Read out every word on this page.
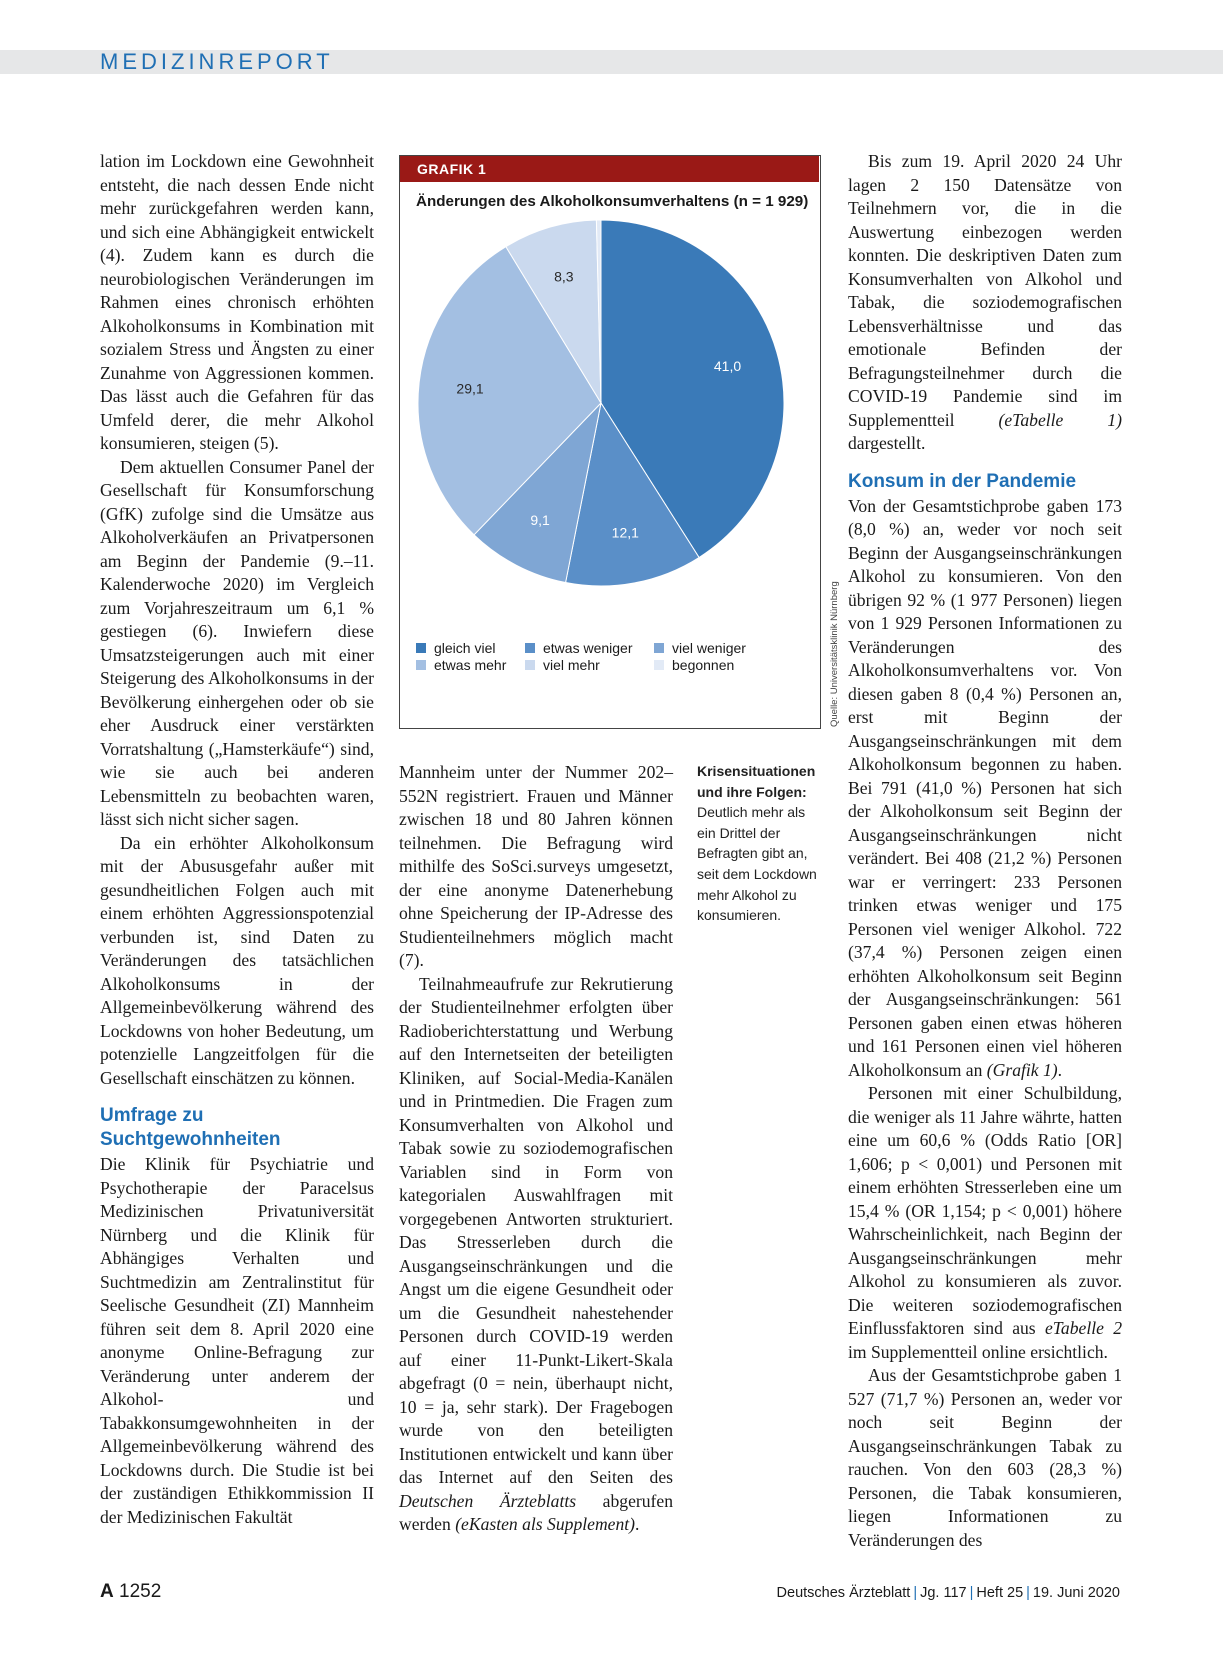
MEDIZINREPORT

lation im Lockdown eine Gewohnheit entsteht, die nach dessen Ende nicht mehr zurückgefahren werden kann, und sich eine Abhängigkeit entwickelt (4). Zudem kann es durch die neurobiologischen Veränderungen im Rahmen eines chronisch erhöhten Alkoholkonsums in Kombination mit sozialem Stress und Ängsten zu einer Zunahme von Aggressionen kommen. Das lässt auch die Gefahren für das Umfeld derer, die mehr Alkohol konsumieren, steigen (5).

Dem aktuellen Consumer Panel der Gesellschaft für Konsumforschung (GfK) zufolge sind die Umsätze aus Alkoholverkäufen an Privatpersonen am Beginn der Pandemie (9.–11. Kalenderwoche 2020) im Vergleich zum Vorjahreszeitraum um 6,1 % gestiegen (6). Inwiefern diese Umsatzsteigerungen auch mit einer Steigerung des Alkoholkonsums in der Bevölkerung einhergehen oder ob sie eher Ausdruck einer verstärkten Vorratshaltung („Hamsterkäufe“) sind, wie sie auch bei anderen Lebensmitteln zu beobachten waren, lässt sich nicht sicher sagen.

Da ein erhöhter Alkoholkonsum mit der Abususgefahr außer mit gesundheitlichen Folgen auch mit einem erhöhten Aggressionspotenzial verbunden ist, sind Daten zu Veränderungen des tatsächlichen Alkoholkonsums in der Allgemeinbevölkerung während des Lockdowns von hoher Bedeutung, um potenzielle Langzeitfolgen für die Gesellschaft einschätzen zu können.

Umfrage zu Suchtgewohnheiten

Die Klinik für Psychiatrie und Psychotherapie der Paracelsus Medizinischen Privatuniversität Nürnberg und die Klinik für Abhängiges Verhalten und Suchtmedizin am Zentralinstitut für Seelische Gesundheit (ZI) Mannheim führen seit dem 8. April 2020 eine anonyme Online-Befragung zur Veränderung unter anderem der Alkohol- und Tabakkonsumgewohnheiten in der Allgemeinbevölkerung während des Lockdowns durch. Die Studie ist bei der zuständigen Ethikkommission II der Medizinischen Fakultät

GRAFIK 1
Änderungen des Alkoholkonsumverhaltens (n = 1 929)
41,0
12,1
9,1
29,1
8,3
gleich viel	etwas weniger	viel weniger
etwas mehr	viel mehr	begonnen	Quelle: Universitätsklinik Nürnberg

Mannheim unter der Nummer 202–552N registriert. Frauen und Männer zwischen 18 und 80 Jahren können teilnehmen. Die Befragung wird mithilfe des SoSci.surveys umgesetzt, der eine anonyme Datenerhebung ohne Speicherung der IP-Adresse des Studienteilnehmers möglich macht (7).

Teilnahmeaufrufe zur Rekrutierung der Studienteilnehmer erfolgten über Radioberichterstattung und Werbung auf den Internetseiten der beteiligten Kliniken, auf Social-Media-Kanälen und in Printmedien. Die Fragen zum Konsumverhalten von Alkohol und Tabak sowie zu soziodemografischen Variablen sind in Form von kategorialen Auswahlfragen mit vorgegebenen Antworten strukturiert. Das Stresserleben durch die Ausgangseinschränkungen und die Angst um die eigene Gesundheit oder um die Gesundheit nahestehender Personen durch COVID-19 werden auf einer 11-Punkt-Likert-Skala abgefragt (0 = nein, überhaupt nicht, 10 = ja, sehr stark). Der Fragebogen wurde von den beteiligten Institutionen entwickelt und kann über das Internet auf den Seiten des Deutschen Ärzteblatts abgerufen werden (eKasten als Supplement).

Krisensituationen und ihre Folgen:
Deutlich mehr als ein Drittel der Befragten gibt an, seit dem Lockdown mehr Alkohol zu konsumieren.

Bis zum 19. April 2020 24 Uhr lagen 2 150 Datensätze von Teilnehmern vor, die in die Auswertung einbezogen werden konnten. Die deskriptiven Daten zum Konsumverhalten von Alkohol und Tabak, die soziodemografischen Lebensverhältnisse und das emotionale Befinden der Befragungsteilnehmer durch die COVID-19 Pandemie sind im Supplementteil (eTabelle 1) dargestellt.

Konsum in der Pandemie

Von der Gesamtstichprobe gaben 173 (8,0 %) an, weder vor noch seit Beginn der Ausgangseinschränkungen Alkohol zu konsumieren. Von den übrigen 92 % (1 977 Personen) liegen von 1 929 Personen Informationen zu Veränderungen des Alkoholkonsumverhaltens vor. Von diesen gaben 8 (0,4 %) Personen an, erst mit Beginn der Ausgangseinschränkungen mit dem Alkoholkonsum begonnen zu haben. Bei 791 (41,0 %) Personen hat sich der Alkoholkonsum seit Beginn der Ausgangseinschränkungen nicht verändert. Bei 408 (21,2 %) Personen war er verringert: 233 Personen trinken etwas weniger und 175 Personen viel weniger Alkohol. 722 (37,4 %) Personen zeigen einen erhöhten Alkoholkonsum seit Beginn der Ausgangseinschränkungen: 561 Personen gaben einen etwas höheren und 161 Personen einen viel höheren Alkoholkonsum an (Grafik 1).

Personen mit einer Schulbildung, die weniger als 11 Jahre währte, hatten eine um 60,6 % (Odds Ratio [OR] 1,606; p < 0,001) und Personen mit einem erhöhten Stresserleben eine um 15,4 % (OR 1,154; p < 0,001) höhere Wahrscheinlichkeit, nach Beginn der Ausgangseinschränkungen mehr Alkohol zu konsumieren als zuvor. Die weiteren soziodemografischen Einflussfaktoren sind aus eTabelle 2 im Supplementteil online ersichtlich.

Aus der Gesamtstichprobe gaben 1 527 (71,7 %) Personen an, weder vor noch seit Beginn der Ausgangseinschränkungen Tabak zu rauchen. Von den 603 (28,3 %) Personen, die Tabak konsumieren, liegen Informationen zu Veränderungen des

A 1252	Deutsches Ärzteblatt | Jg. 117 | Heft 25 | 19. Juni 2020
